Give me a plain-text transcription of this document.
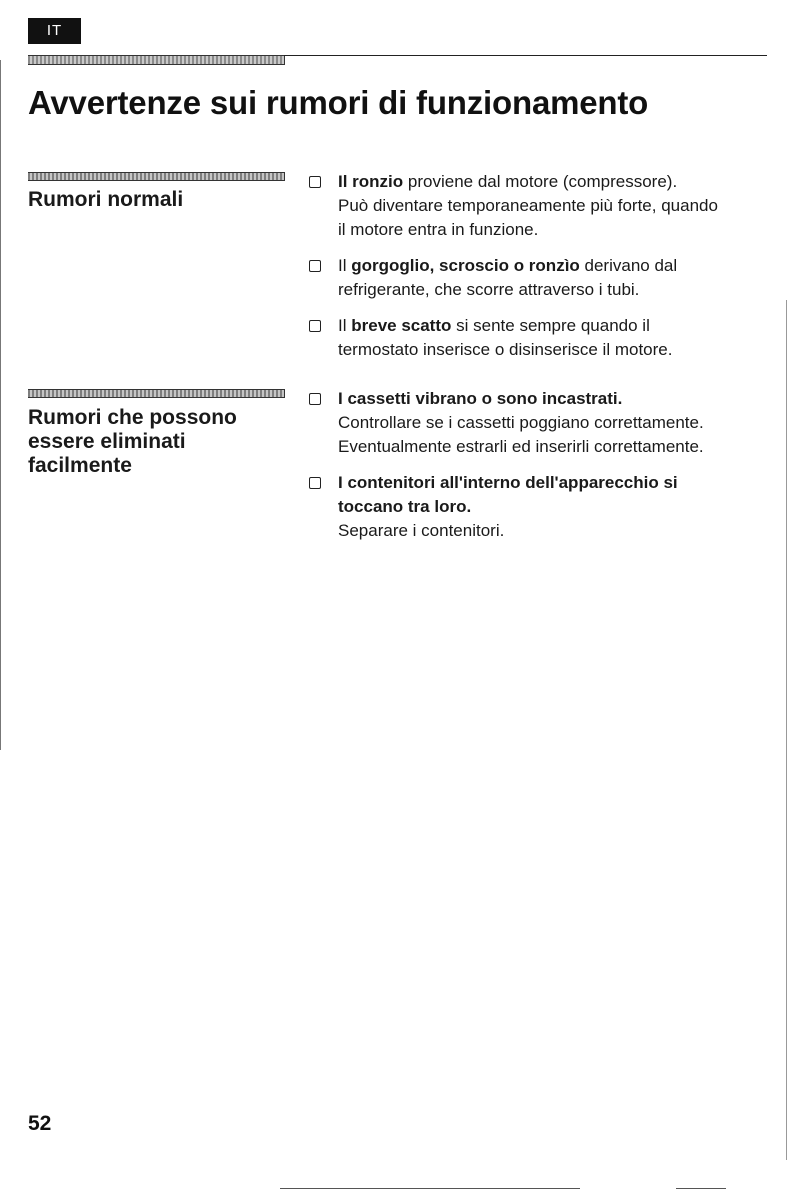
IT
Avvertenze sui rumori di funzionamento
Rumori normali
Il ronzio proviene dal motore (compressore).
Può diventare temporaneamente più forte, quando
il motore entra in funzione.
Il gorgoglio, scroscio o ronzìo derivano dal
refrigerante, che scorre attraverso i tubi.
Il breve scatto si sente sempre quando il
termostato inserisce o disinserisce il motore.
Rumori che possono essere eliminati facilmente
I cassetti vibrano o sono incastrati.
Controllare se i cassetti poggiano correttamente.
Eventualmente estrarli ed inserirli correttamente.
I contenitori all'interno dell'apparecchio si
toccano tra loro.
Separare i contenitori.
52
